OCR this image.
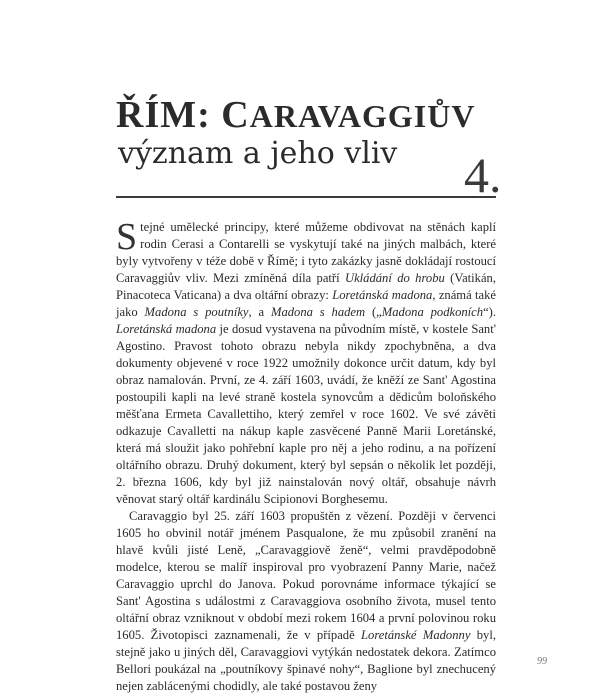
ŘÍM: CARAVAGGIŮV
význam a jeho vliv 4.

Stejné umělecké principy, které můžeme obdivovat na stěnách kaplí rodin Cerasi a Contarelli se vyskytují také na jiných malbách, které byly vytvořeny v téže době v Římě; i tyto zakázky jasně dokládají rostoucí Caravaggiův vliv. Mezi zmíněná díla patří Ukládání do hrobu (Vatikán, Pinacoteca Vaticana) a dva oltářní obrazy: Loretánská madona, známá také jako Madona s poutníky, a Madona s hadem („Madona podkoních“). Loretánská madona je dosud vystavena na původním místě, v kostele Sant' Agostino. Pravost tohoto obrazu nebyla nikdy zpochybněna, a dva dokumenty objevené v roce 1922 umožnily dokonce určit datum, kdy byl obraz namalován. První, ze 4. září 1603, uvádí, že kněží ze Sant' Agostina postoupili kapli na levé straně kostela synovcům a dědicům boloňského měšťana Ermeta Cavallettiho, který zemřel v roce 1602. Ve své závěti odkazuje Cavalletti na nákup kaple zasvěcené Panně Marii Loretánské, která má sloužit jako pohřební kaple pro něj a jeho rodinu, a na pořízení oltářního obrazu. Druhý dokument, který byl sepsán o několik let později, 2. března 1606, kdy byl již nainstalován nový oltář, obsahuje návrh věnovat starý oltář kardinálu Scipionovi Borghesemu.

Caravaggio byl 25. září 1603 propuštěn z vězení. Později v červenci 1605 ho obvinil notář jménem Pasqualone, že mu způsobil zranění na hlavě kvůli jisté Leně, „Caravaggiově ženě“, velmi pravděpodobně modelce, kterou se malíř inspiroval pro vyobrazení Panny Marie, načež Caravaggio uprchl do Janova. Pokud porovnáme informace týkající se Sant' Agostina s událostmi z Caravaggiova osobního života, musel tento oltářní obraz vzniknout v období mezi rokem 1604 a první polovinou roku 1605. Životopisci zaznamenali, že v případě Loretánské Madonny byl, stejně jako u jiných děl, Caravaggiovi vytýkán nedostatek dekora. Zatímco Bellori poukázal na „poutníkovy špinavé nohy“, Baglione byl znechucený nejen zablácenými chodidly, ale také postavou ženy

99
